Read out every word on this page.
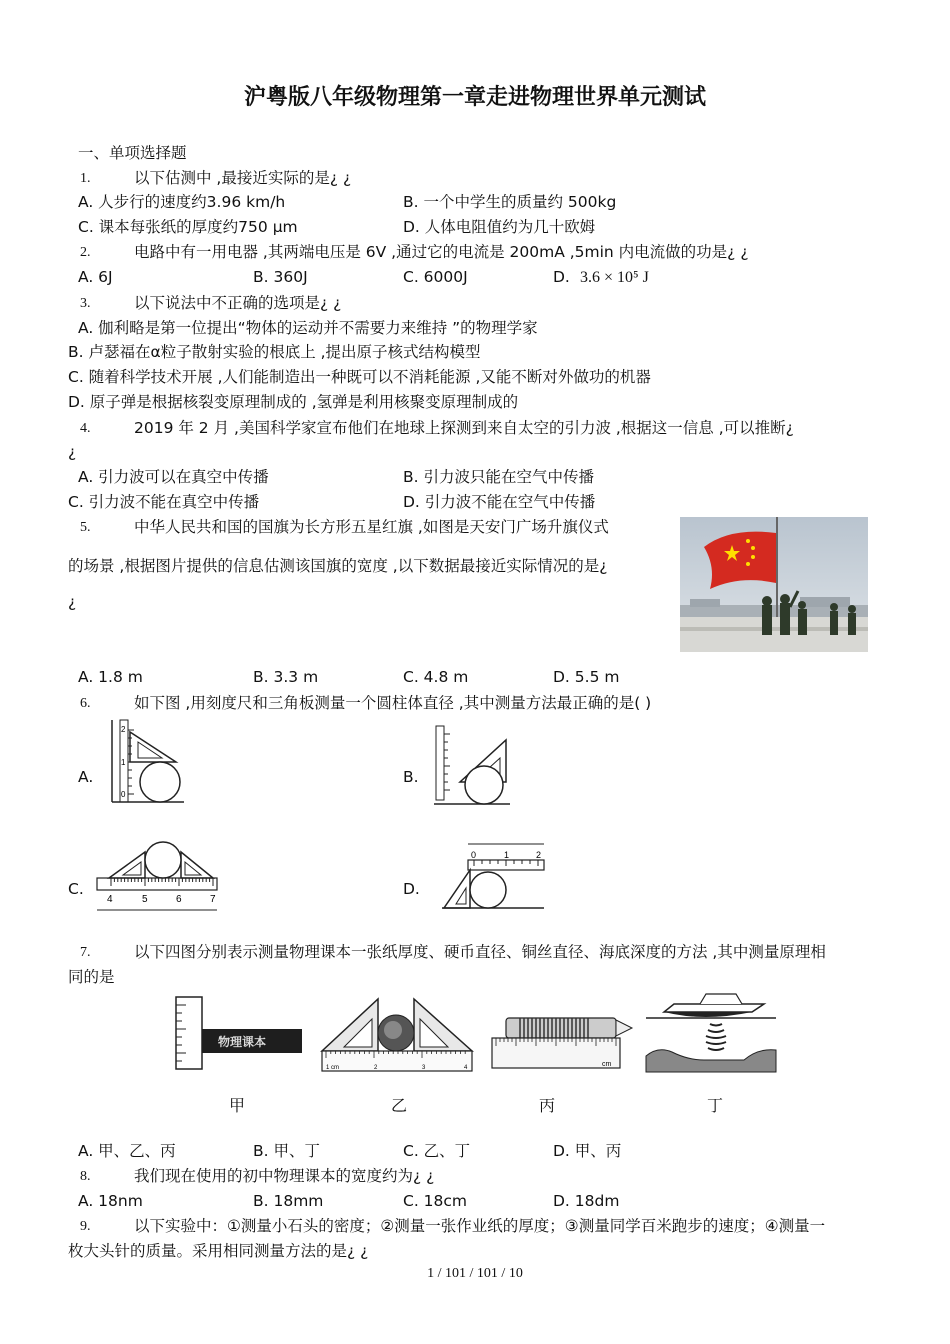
沪粤版八年级物理第一章走进物理世界单元测试
一、单项选择题
1.	以下估测中 ,最接近实际的是¿ ¿
A. 人步行的速度约3.96 km/h	B. 一个中学生的质量约 500kg
C. 课本每张纸的厚度约750 μm	D. 人体电阻值约为几十欧姆
2.	电路中有一用电器 ,其两端电压是 6V ,通过它的电流是 200mA ,5min 内电流做的功是¿ ¿
A. 6J	B. 360J	C. 6000J	D. 3.6 × 10⁵ J
3.	以下说法中不正确的选项是¿ ¿
A. 伽利略是第一位提出“物体的运动并不需要力来维持 ”的物理学家
B. 卢瑟福在α粒子散射实验的根底上 ,提出原子核式结构模型
C. 随着科学技术开展 ,人们能制造出一种既可以不消耗能源 ,又能不断对外做功的机器
D. 原子弹是根据核裂变原理制成的 ,氢弹是利用核聚变原理制成的
4.	2019 年 2 月 ,美国科学家宣布他们在地球上探测到来自太空的引力波 ,根据这一信息 ,可以推断¿
¿
A. 引力波可以在真空中传播	B. 引力波只能在空气中传播
C. 引力波不能在真空中传播	D. 引力波不能在空气中传播
5.	中华人民共和国的国旗为长方形五星红旗 ,如图是天安门广场升旗仪式
的场景 ,根据图片提供的信息估测该国旗的宽度 ,以下数据最接近实际情况的是¿
¿
A. 1.8 m	B. 3.3 m	C. 4.8 m	D. 5.5 m
6.	如下图 ,用刻度尺和三角板测量一个圆柱体直径 ,其中测量方法最正确的是( )
A.
2
1
0
B.
C.
4	5	6	7
D.
0	1	2
7.	以下四图分别表示测量物理课本一张纸厚度、硬币直径、铜丝直径、海底深度的方法 ,其中测量原理相
同的是
物理课本
1 cm	2	3	4	cm
甲	乙	丙	丁
A. 甲、乙、丙	B. 甲、丁	C. 乙、丁	D. 甲、丙
8.	我们现在使用的初中物理课本的宽度约为¿ ¿
A. 18nm	B. 18mm	C. 18cm	D. 18dm
9.	以下实验中：①测量小石头的密度；②测量一张作业纸的厚度；③测量同学百米跑步的速度；④测量一
枚大头针的质量。采用相同测量方法的是¿ ¿
1 / 101 / 101 / 10
